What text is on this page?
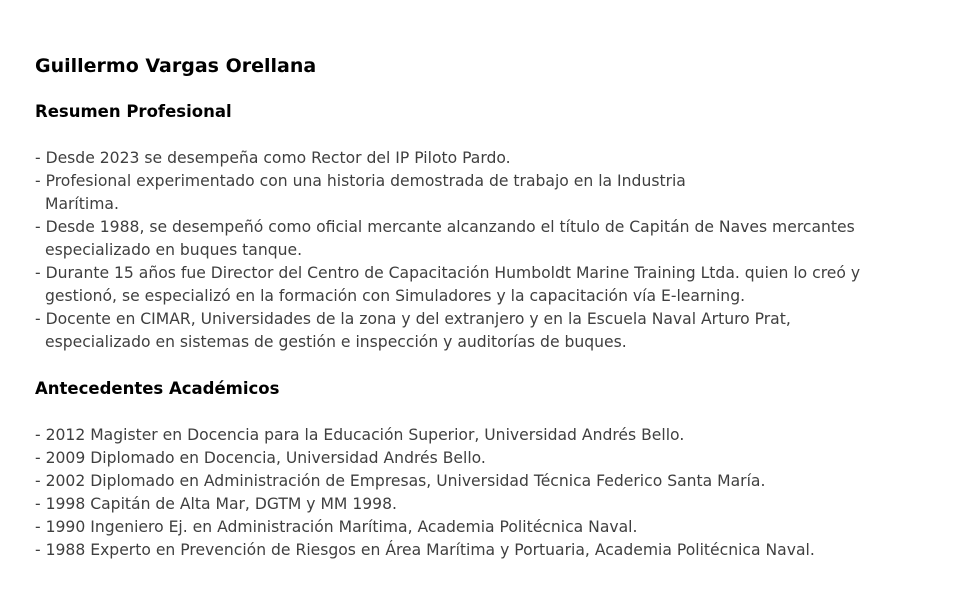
Guillermo Vargas Orellana
Resumen Profesional
- Desde 2023 se desempeña como Rector del IP Piloto Pardo.
- Profesional experimentado con una historia demostrada de trabajo en la Industria
Marítima.
- Desde 1988, se desempeñó como oficial mercante alcanzando el título de Capitán de Naves mercantes
especializado en buques tanque.
- Durante 15 años fue Director del Centro de Capacitación Humboldt Marine Training Ltda. quien lo creó y
gestionó, se especializó en la formación con Simuladores y la capacitación vía E-learning.
- Docente en CIMAR, Universidades de la zona y del extranjero y en la Escuela Naval Arturo Prat,
especializado en sistemas de gestión e inspección y auditorías de buques.
Antecedentes Académicos
- 2012 Magister en Docencia para la Educación Superior, Universidad Andrés Bello.
- 2009 Diplomado en Docencia, Universidad Andrés Bello.
- 2002 Diplomado en Administración de Empresas, Universidad Técnica Federico Santa María.
- 1998 Capitán de Alta Mar, DGTM y MM 1998.
- 1990 Ingeniero Ej. en Administración Marítima, Academia Politécnica Naval.
- 1988 Experto en Prevención de Riesgos en Área Marítima y Portuaria, Academia Politécnica Naval.
